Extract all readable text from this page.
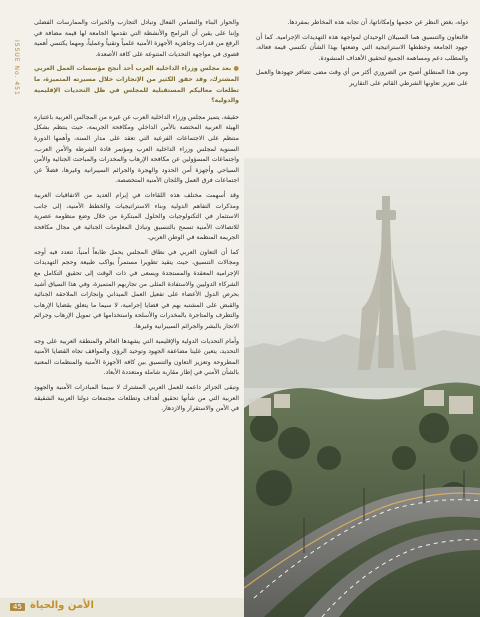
ISSUE No. 451

والحوار البناء والتضامن الفعال وتبادل التجارب والخبرات والممارسات الفضلى وإننا على يقين أن البرامج والأنشطة التي تقدمها الجامعة لها قيمة مضافة في الرفع من قدرات وجاهزية الأجهزة الأمنية علمياً وتقنياً وعملياً، ومهما يكتسي أهمية قصوى في مواجهة التحديات المتنوعة على كافة الأصعدة.

● بعد مجلس وزراء الداخلية العرب أحد أنجح مؤسسات العمل العربي المشترك، وقد حقق الكثير من الإنجازات خلال مسيرته المتميزة، ما تطلعات معاليكم المستقبلية للمجلس في ظل التحديات الإقليمية والدولية؟

حقيقة، يتميز مجلس وزراء الداخلية العرب عن غيره من المجالس العربية باعتباره الهيئة العربية المختصة بالأمن الداخلي ومكافحة الجريمة، حيث ينتظم بشكل منتظم على الاجتماعات الفرعية التي تعقد على مدار السنة، وأهمها الدورة السنوية لمجلس وزراء الداخلية العرب ومؤتمر قادة الشرطة والأمن العرب، واجتماعات المسؤولين عن مكافحة الإرهاب والمخدرات والمباحث الجنائية والأمن السياحي وأجهزة أمن الحدود والهجرة والجرائم السيبرانية وغيرها، فضلاً عن اجتماعات فرق العمل واللجان الأمنية المتخصصة.

وقد أسهمت مختلف هذه اللقاءات في إبرام العديد من الاتفاقيات العربية ومذكرات التفاهم الدولية وبناء الاستراتيجيات والخطط الأمنية، إلى جانب الاستثمار في التكنولوجيات والحلول المبتكرة من خلال وضع منظومة عصرية للاتصالات الأمنية تسمح بالتنسيق وتبادل المعلومات الجنائية في مجال مكافحة الجريمة المنظمة في الوطن العربي.

كما أن التعاون العربي في نطاق المجلس يحمل طابعاً أمنياً، تتعدد فيه أوجه ومجالات التنسيق، حيث يتقيد تطويرا مستمراً يواكب طبيعة وحجم التهديدات الإجرامية المعقدة والمستجدة ويسعى في ذات الوقت إلى تحقيق التكامل مع الشركاء الدوليين والاستفادة المثلى من تجاربهم المتميزة، وفي هذا السياق أشيد بحرص الدول الأعضاء على تفعيل العمل الميداني وإنجازات الملاحقة الجنائية والقبض على المشتبه بهم في قضايا إجرامية، لا سيما ما يتعلق بقضايا الإرهاب والتطرف والمتاجرة بالمخدرات والأسلحة واستخدامها في تمويل الإرهاب وجرائم الاتجار بالبشر والجرائم السيبرانية وغيرها.

وأمام التحديات الدولية والإقليمية التي يشهدها العالم والمنطقة العربية على وجه التحديد، يتعين علينا مضاعفة الجهود وتوحيد الرؤى والمواقف تجاه القضايا الأمنية المطروحة وتعزيز التعاون والتنسيق بين كافة الأجهزة الأمنية والمنظمات المعنية بالشأن الأمني في إطار مقاربة شاملة ومتعددة الأبعاد.

وتبقى الجزائر داعمة للعمل العربي المشترك لا سيما المبادرات الأمنية والجهود العربية التي من شأنها تحقيق أهداف وتطلعات مجتمعات دولنا العربية الشقيقة في الأمن والاستقرار والازدهار.

دولة، بغض النظر عن حجمها وإمكاناتها، أن تجابه هذه المخاطر بمفردها.

فالتعاون والتنسيق هما السبيلان الوحيدان لمواجهة هذه التهديدات الإجرامية. كما أن جهود الجامعة وخططها الاستراتيجية التي وضعتها بهذا الشأن تكتسي قيمة فعالة، والمطلب دعم ومساهمة الجميع لتحقيق الأهداف المنشودة.

ومن هذا المنطلق أصبح من الضروري أكثر من أي وقت مضى تضافر جهودها والعمل على تعزيز تعاونها الشرطي القائم على التقارير

الأمن والحياة
45
